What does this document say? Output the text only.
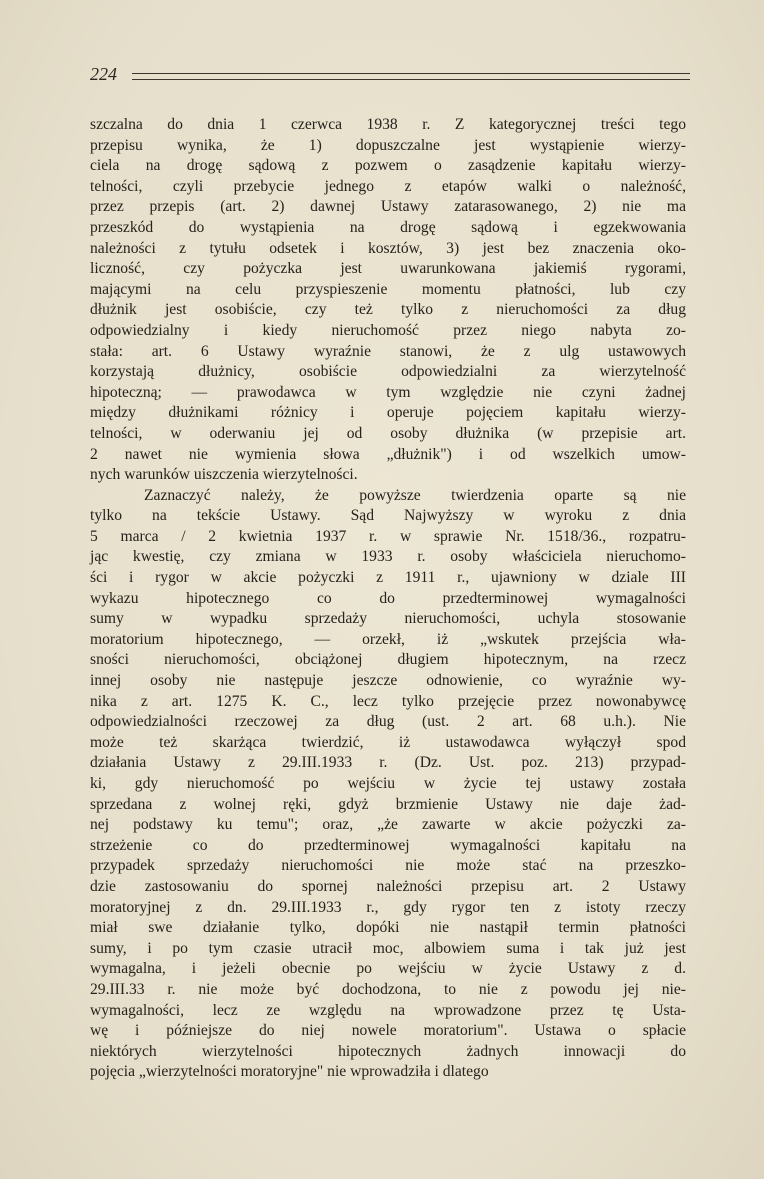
224
szczalna do dnia 1 czerwca 1938 r. Z kategorycznej treści tego
przepisu wynika, że 1) dopuszczalne jest wystąpienie wierzy-
ciela na drogę sądową z pozwem o zasądzenie kapitału wierzy-
telności, czyli przebycie jednego z etapów walki o należność,
przez przepis (art. 2) dawnej Ustawy zatarasowanego, 2) nie ma
przeszkód do wystąpienia na drogę sądową i egzekwowania
należności z tytułu odsetek i kosztów, 3) jest bez znaczenia oko-
liczność, czy pożyczka jest uwarunkowana jakiemiś rygorami,
mającymi na celu przyspieszenie momentu płatności, lub czy
dłużnik jest osobiście, czy też tylko z nieruchomości za dług
odpowiedzialny i kiedy nieruchomość przez niego nabyta zo-
stała: art. 6 Ustawy wyraźnie stanowi, że z ulg ustawowych
korzystają dłużnicy, osobiście odpowiedzialni za wierzytelność
hipoteczną; — prawodawca w tym względzie nie czyni żadnej
między dłużnikami różnicy i operuje pojęciem kapitału wierzy-
telności, w oderwaniu jej od osoby dłużnika (w przepisie art.
2 nawet nie wymienia słowa „dłużnik") i od wszelkich umow-
nych warunków uiszczenia wierzytelności.
Zaznaczyć należy, że powyższe twierdzenia oparte są nie
tylko na tekście Ustawy. Sąd Najwyższy w wyroku z dnia
5 marca / 2 kwietnia 1937 r. w sprawie Nr. 1518/36., rozpatru-
jąc kwestię, czy zmiana w 1933 r. osoby właściciela nieruchomo-
ści i rygor w akcie pożyczki z 1911 r., ujawniony w dziale III
wykazu hipotecznego co do przedterminowej wymagalności
sumy w wypadku sprzedaży nieruchomości, uchyla stosowanie
moratorium hipotecznego, — orzekł, iż „wskutek przejścia wła-
sności nieruchomości, obciążonej długiem hipotecznym, na rzecz
innej osoby nie następuje jeszcze odnowienie, co wyraźnie wy-
nika z art. 1275 K. C., lecz tylko przejęcie przez nowonabywcę
odpowiedzialności rzeczowej za dług (ust. 2 art. 68 u.h.). Nie
może też skarżąca twierdzić, iż ustawodawca wyłączył spod
działania Ustawy z 29.III.1933 r. (Dz. Ust. poz. 213) przypad-
ki, gdy nieruchomość po wejściu w życie tej ustawy została
sprzedana z wolnej ręki, gdyż brzmienie Ustawy nie daje żad-
nej podstawy ku temu"; oraz, „że zawarte w akcie pożyczki za-
strzeżenie co do przedterminowej wymagalności kapitału na
przypadek sprzedaży nieruchomości nie może stać na przeszko-
dzie zastosowaniu do spornej należności przepisu art. 2 Ustawy
moratoryjnej z dn. 29.III.1933 r., gdy rygor ten z istoty rzeczy
miał swe działanie tylko, dopóki nie nastąpił termin płatności
sumy, i po tym czasie utracił moc, albowiem suma i tak już jest
wymagalna, i jeżeli obecnie po wejściu w życie Ustawy z d.
29.III.33 r. nie może być dochodzona, to nie z powodu jej nie-
wymagalności, lecz ze względu na wprowadzone przez tę Usta-
wę i późniejsze do niej nowele moratorium". Ustawa o spłacie
niektórych wierzytelności hipotecznych żadnych innowacji do
pojęcia „wierzytelności moratoryjne" nie wprowadziła i dlatego
